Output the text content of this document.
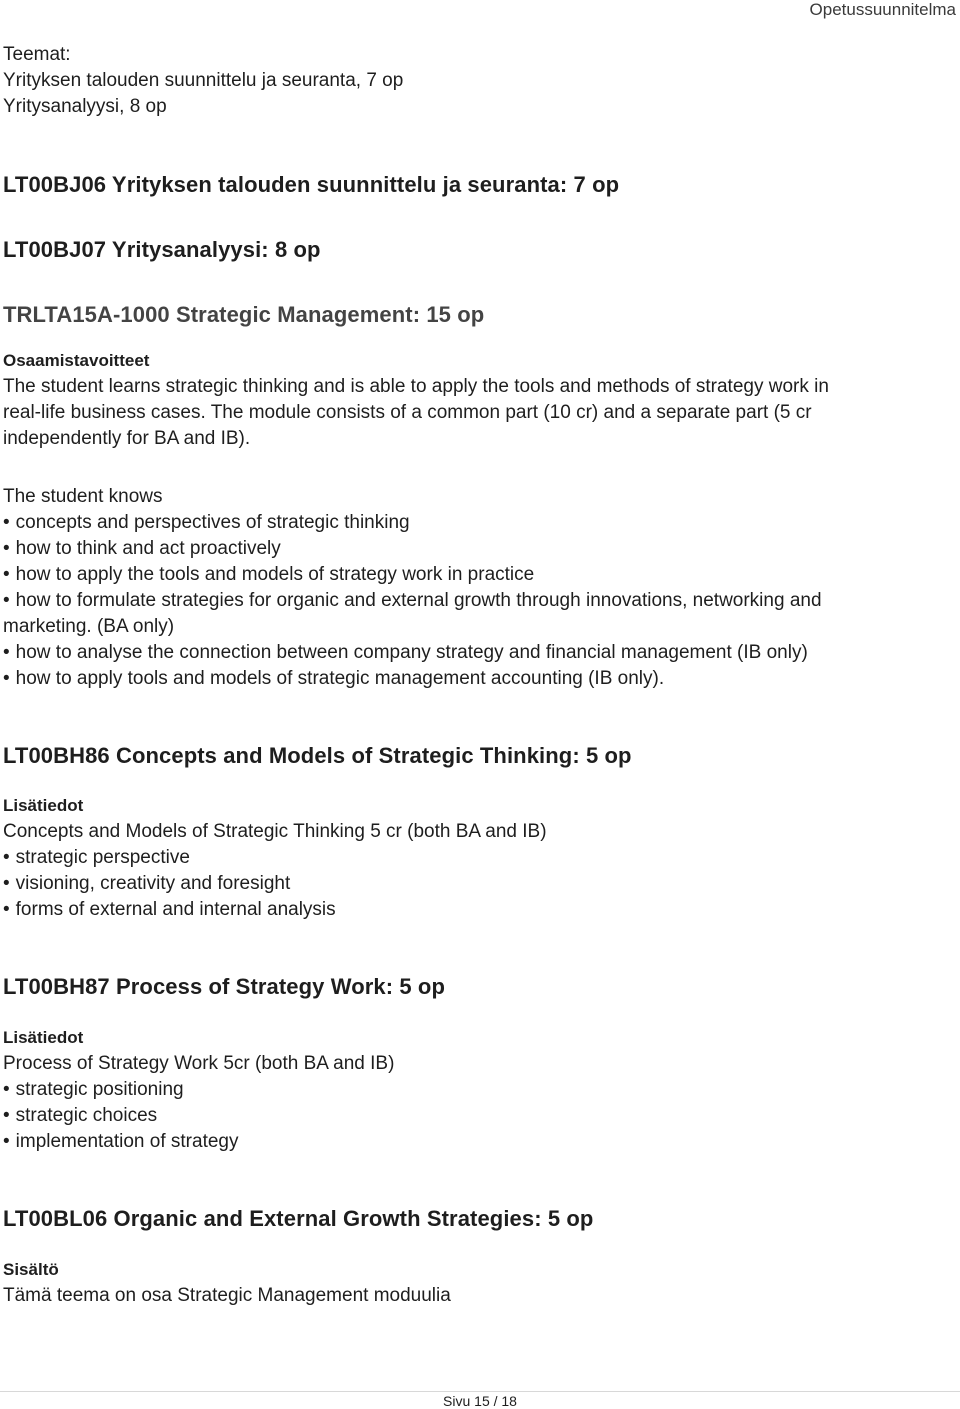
Opetussuunnitelma
Teemat:
Yrityksen talouden suunnittelu ja seuranta, 7 op
Yritysanalyysi, 8 op
LT00BJ06 Yrityksen talouden suunnittelu ja seuranta: 7 op
LT00BJ07 Yritysanalyysi: 8 op
TRLTA15A-1000 Strategic Management: 15 op
Osaamistavoitteet
The student learns strategic thinking and is able to apply the tools and methods of strategy work in
real-life business cases. The module consists of a common part (10 cr) and a separate part (5 cr
independently for BA and IB).
The student knows
• concepts and perspectives of strategic thinking
• how to think and act proactively
• how to apply the tools and models of strategy work in practice
• how to formulate strategies for organic and external growth through innovations, networking and
marketing. (BA only)
• how to analyse the connection between company strategy and financial management (IB only)
• how to apply tools and models of strategic management accounting (IB only).
LT00BH86 Concepts and Models of Strategic Thinking: 5 op
Lisätiedot
Concepts and Models of Strategic Thinking 5 cr (both BA and IB)
• strategic perspective
• visioning, creativity and foresight
• forms of external and internal analysis
LT00BH87 Process of Strategy Work: 5 op
Lisätiedot
Process of Strategy Work 5cr (both BA and IB)
• strategic positioning
• strategic choices
• implementation of strategy
LT00BL06 Organic and External Growth Strategies: 5 op
Sisältö
Tämä teema on osa Strategic Management moduulia
Sivu 15 / 18
